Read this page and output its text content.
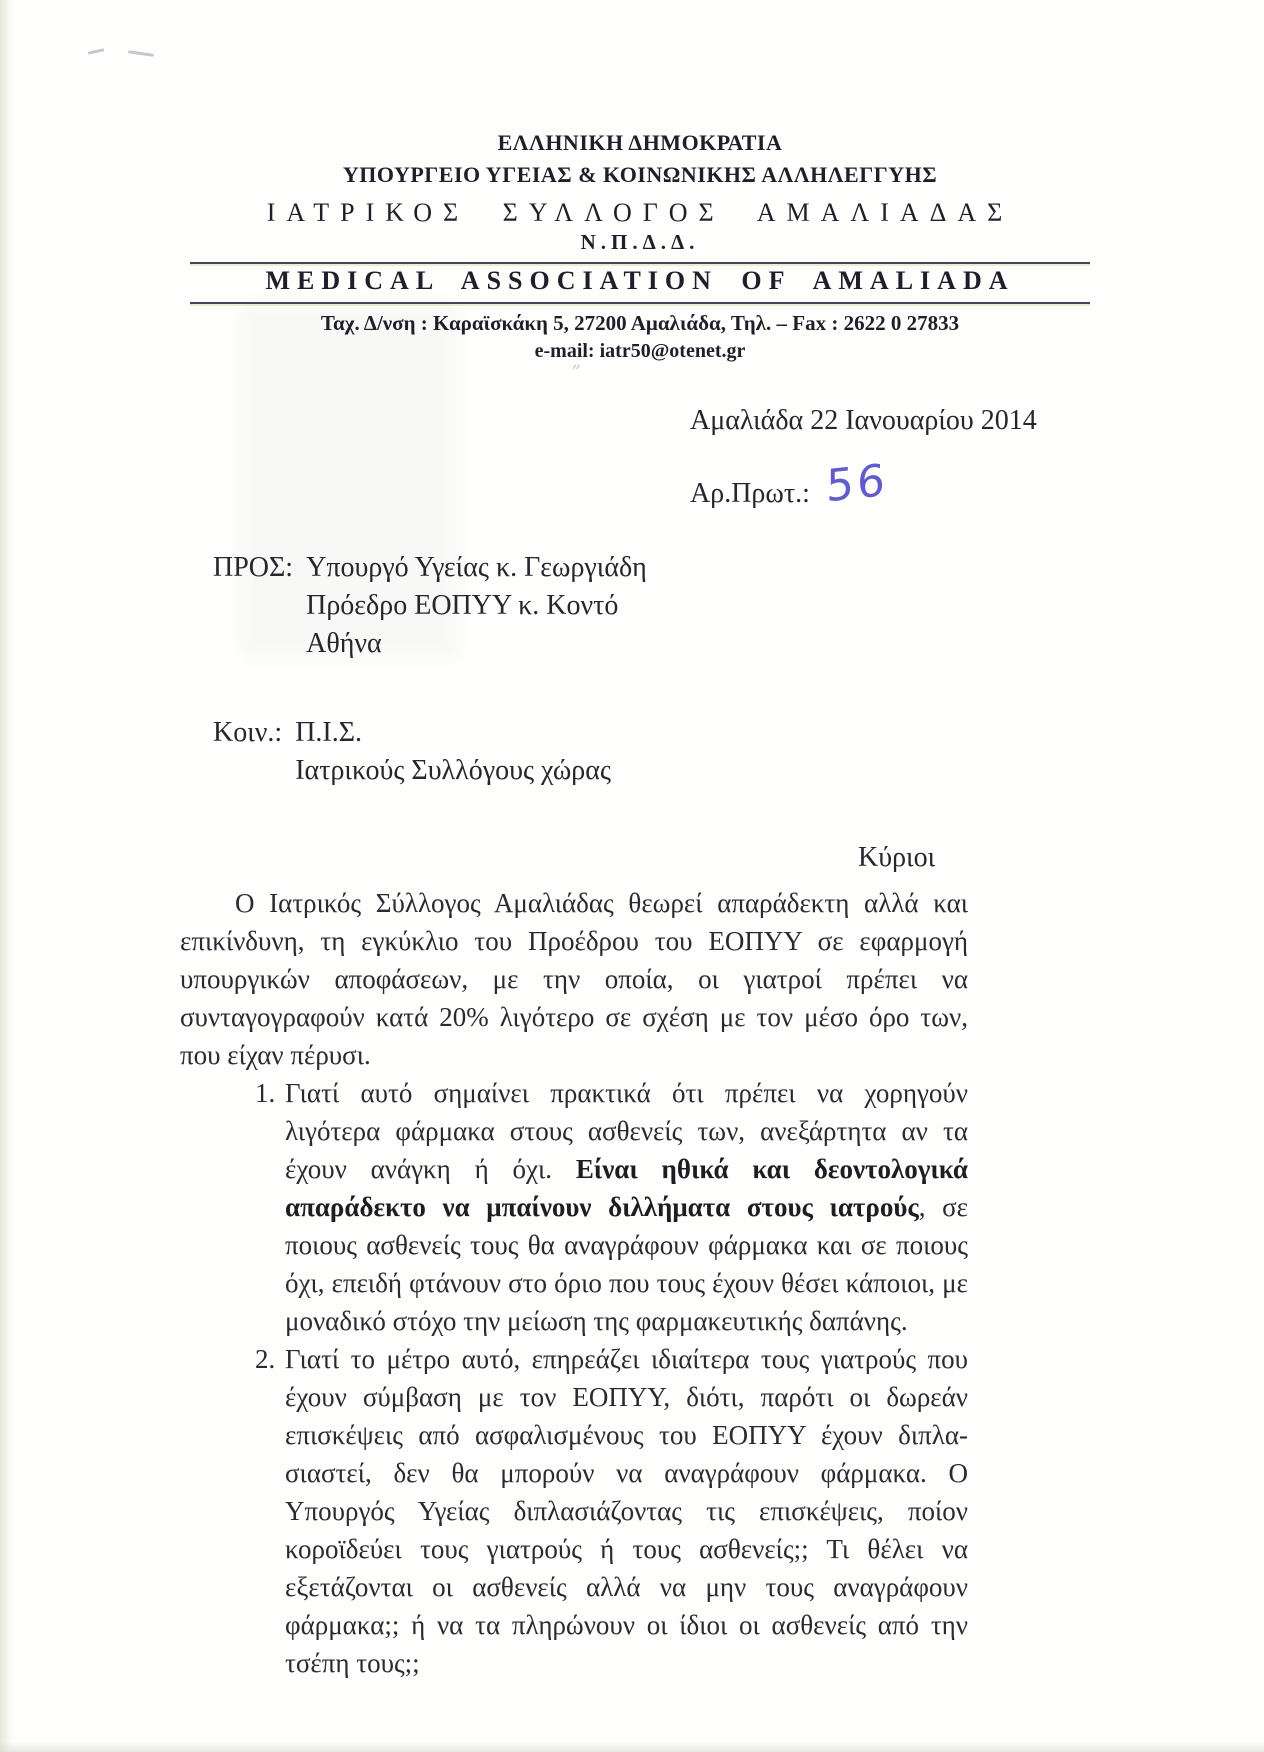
˝
ΕΛΛΗΝΙΚΗ ΔΗΜΟΚΡΑΤΙΑ
ΥΠΟΥΡΓΕΙΟ ΥΓΕΙΑΣ & ΚΟΙΝΩΝΙΚΗΣ ΑΛΛΗΛΕΓΓΥΗΣ
ΙΑΤΡΙΚΟΣ ΣΥΛΛΟΓΟΣ ΑΜΑΛΙΑΔΑΣ
Ν.Π.Δ.Δ.
MEDICAL ASSOCIATION OF AMALIADA
Ταχ. Δ/νση : Καραϊσκάκη 5, 27200 Αμαλιάδα, Τηλ. – Fax : 2622 0 27833
e-mail: iatr50@otenet.gr
Αμαλιάδα 22 Ιανουαρίου 2014
Αρ.Πρωτ.: 56
ΠΡΟΣ: Υπουργό Υγείας κ. Γεωργιάδη
Πρόεδρο ΕΟΠΥΥ κ. Κοντό
Αθήνα
Κοιν.: Π.Ι.Σ.
Ιατρικούς Συλλόγους χώρας
Κύριοι

Ο Ιατρικός Σύλλογος Αμαλιάδας θεωρεί απαράδεκτη αλλά και επικίνδυνη, τη εγκύκλιο του Προέδρου του ΕΟΠΥΥ σε εφαρμογή υπουργικών αποφάσεων, με την οποία, οι γιατροί πρέπει να συνταγογραφούν κατά 20% λιγότερο σε σχέση με τον μέσο όρο των, που είχαν πέρυσι.

1. Γιατί αυτό σημαίνει πρακτικά ότι πρέπει να χορηγούν λιγότερα φάρμακα στους ασθενείς των, ανεξάρτητα αν τα έχουν ανάγκη ή όχι. Είναι ηθικά και δεοντολογικά απαράδεκτο να μπαίνουν διλλήματα στους ιατρούς, σε ποιους ασθενείς τους θα αναγράφουν φάρμακα και σε ποιους όχι, επειδή φτάνουν στο όριο που τους έχουν θέσει κάποιοι, με μοναδικό στόχο την μείωση της φαρμακευτικής δαπάνης.
2. Γιατί το μέτρο αυτό, επηρεάζει ιδιαίτερα τους γιατρούς που έχουν σύμβαση με τον ΕΟΠΥΥ, διότι, παρότι οι δωρεάν επισκέψεις από ασφαλισμένους του ΕΟΠΥΥ έχουν διπλα-σιαστεί, δεν θα μπορούν να αναγράφουν φάρμακα. Ο Υπουργός Υγείας διπλασιάζοντας τις επισκέψεις, ποίον κοροϊδεύει τους γιατρούς ή τους ασθενείς;; Τι θέλει να εξετάζονται οι ασθενείς αλλά να μην τους αναγράφουν φάρμακα;; ή να τα πληρώνουν οι ίδιοι οι ασθενείς από την τσέπη τους;;
